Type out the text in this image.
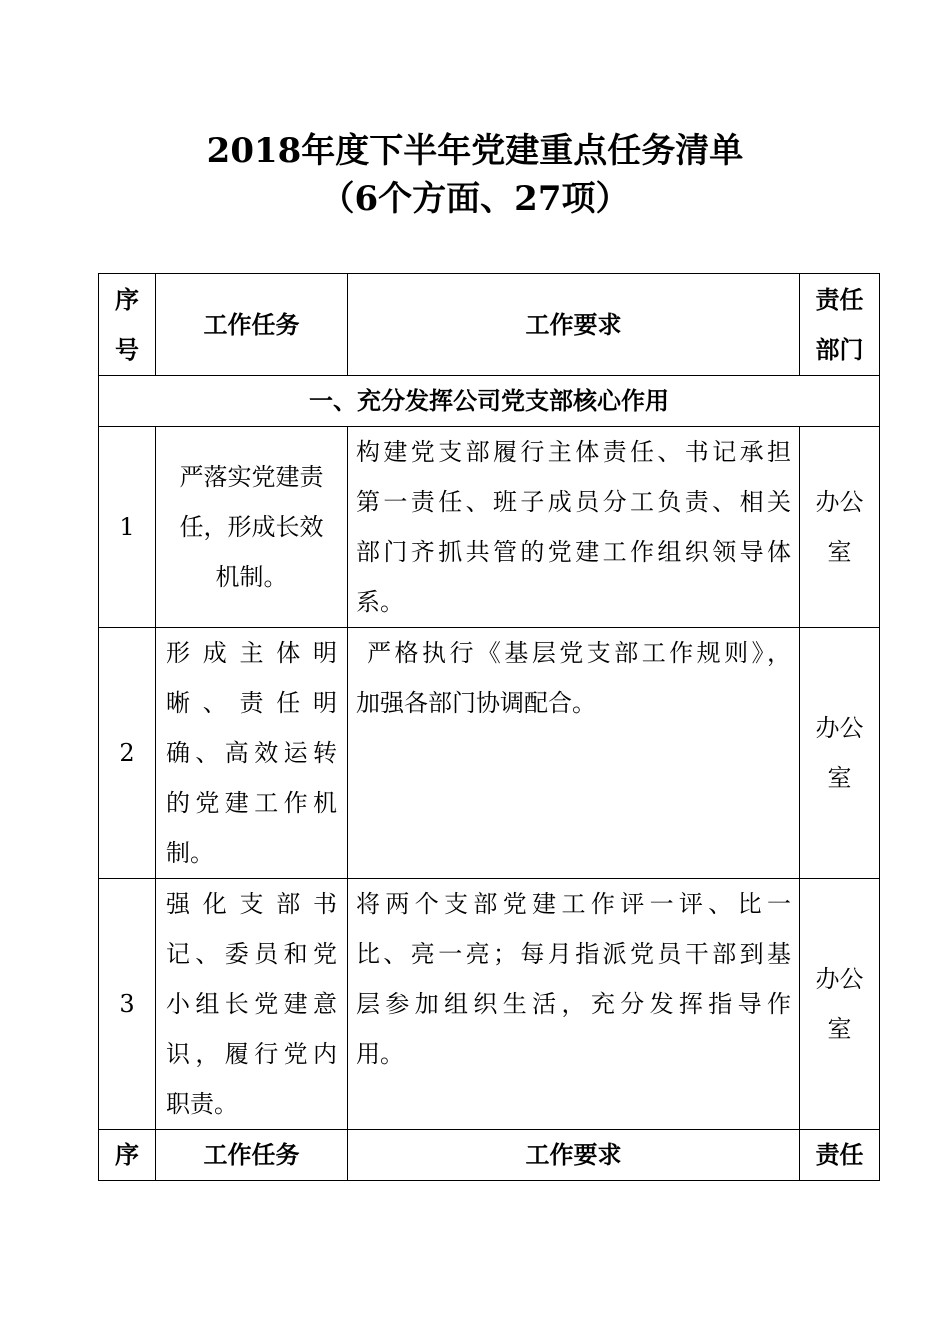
2018年度下半年党建重点任务清单
（6个方面、27项）
序
号	工作任务	工作要求	责任
部门

一、充分发挥公司党支部核心作用			
1	严落实党建责
任，形成长效
机制。	构建党支部履行主体责任、书记承担
第一责任、班子成员分工负责、相关
部门齐抓共管的党建工作组织领导体
系。	办公
室

2	形成主体明
晰、责任明
确、高效运转
的党建工作机
制。	严格执行《基层党支部工作规则》，
加强各部门协调配合。	办公
室

3	强化支部书
记、委员和党
小组长党建意
识，履行党内
职责。	将两个支部党建工作评一评、比一
比、亮一亮；每月指派党员干部到基
层参加组织生活，充分发挥指导作
用。	办公
室

序	工作任务	工作要求	责任
